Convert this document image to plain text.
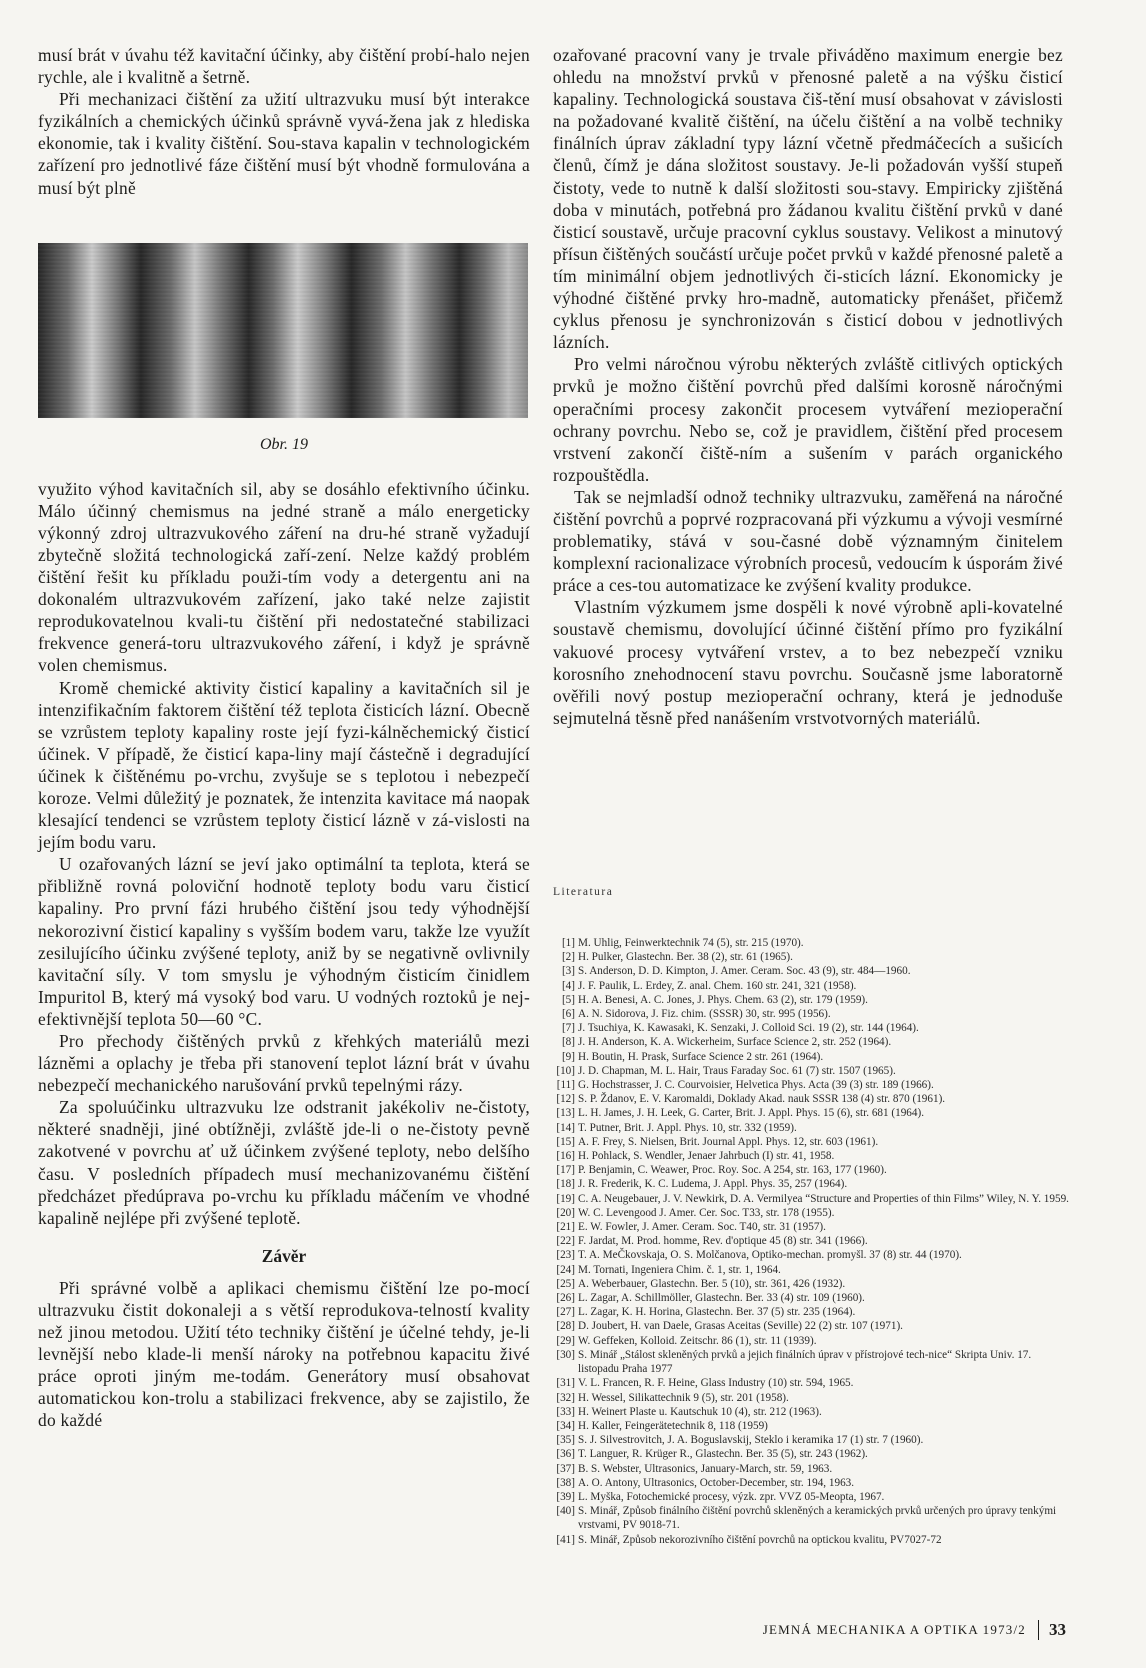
musí brát v úvahu též kavitační účinky, aby čištění probí-halo nejen rychle, ale i kvalitně a šetrně.

Při mechanizaci čištění za užití ultrazvuku musí být interakce fyzikálních a chemických účinků správně vyvá-žena jak z hlediska ekonomie, tak i kvality čištění. Sou-stava kapalin v technologickém zařízení pro jednotlivé fáze čištění musí být vhodně formulována a musí být plně

Obr. 19

využito výhod kavitačních sil, aby se dosáhlo efektivního účinku. Málo účinný chemismus na jedné straně a málo energeticky výkonný zdroj ultrazvukového záření na dru-hé straně vyžadují zbytečně složitá technologická zaří-zení. Nelze každý problém čištění řešit ku příkladu použi-tím vody a detergentu ani na dokonalém ultrazvukovém zařízení, jako také nelze zajistit reprodukovatelnou kvali-tu čištění při nedostatečné stabilizaci frekvence generá-toru ultrazvukového záření, i když je správně volen chemismus.

Kromě chemické aktivity čisticí kapaliny a kavitačních sil je intenzifikačním faktorem čištění též teplota čisticích lázní. Obecně se vzrůstem teploty kapaliny roste její fyzi-kálněchemický čisticí účinek. V případě, že čisticí kapa-liny mají částečně i degradující účinek k čištěnému po-vrchu, zvyšuje se s teplotou i nebezpečí koroze. Velmi důležitý je poznatek, že intenzita kavitace má naopak klesající tendenci se vzrůstem teploty čisticí lázně v zá-vislosti na jejím bodu varu.

U ozařovaných lázní se jeví jako optimální ta teplota, která se přibližně rovná poloviční hodnotě teploty bodu varu čisticí kapaliny. Pro první fázi hrubého čištění jsou tedy výhodnější nekorozivní čisticí kapaliny s vyšším bodem varu, takže lze využít zesilujícího účinku zvýšené teploty, aniž by se negativně ovlivnily kavitační síly. V tom smyslu je výhodným čisticím činidlem Impuritol B, který má vysoký bod varu. U vodných roztoků je nej-efektivnější teplota 50—60 °C.

Pro přechody čištěných prvků z křehkých materiálů mezi lázněmi a oplachy je třeba při stanovení teplot lázní brát v úvahu nebezpečí mechanického narušování prvků tepelnými rázy.

Za spoluúčinku ultrazvuku lze odstranit jakékoliv ne-čistoty, některé snadněji, jiné obtížněji, zvláště jde-li o ne-čistoty pevně zakotvené v povrchu ať už účinkem zvýšené teploty, nebo delšího času. V posledních případech musí mechanizovanému čištění předcházet předúprava po-vrchu ku příkladu máčením ve vhodné kapalině nejlépe při zvýšené teplotě.

Závěr

Při správné volbě a aplikaci chemismu čištění lze po-mocí ultrazvuku čistit dokonaleji a s větší reprodukova-telností kvality než jinou metodou. Užití této techniky čištění je účelné tehdy, je-li levnější nebo klade-li menší nároky na potřebnou kapacitu živé práce oproti jiným me-todám. Generátory musí obsahovat automatickou kon-trolu a stabilizaci frekvence, aby se zajistilo, že do každé

ozařované pracovní vany je trvale přiváděno maximum energie bez ohledu na množství prvků v přenosné paletě a na výšku čisticí kapaliny. Technologická soustava čiš-tění musí obsahovat v závislosti na požadované kvalitě čištění, na účelu čištění a na volbě techniky finálních úprav základní typy lázní včetně předmáčecích a sušicích členů, čímž je dána složitost soustavy. Je-li požadován vyšší stupeň čistoty, vede to nutně k další složitosti sou-stavy. Empiricky zjištěná doba v minutách, potřebná pro žádanou kvalitu čištění prvků v dané čisticí soustavě, určuje pracovní cyklus soustavy. Velikost a minutový přísun čištěných součástí určuje počet prvků v každé přenosné paletě a tím minimální objem jednotlivých či-sticích lázní. Ekonomicky je výhodné čištěné prvky hro-madně, automaticky přenášet, přičemž cyklus přenosu je synchronizován s čisticí dobou v jednotlivých lázních.

Pro velmi náročnou výrobu některých zvláště citlivých optických prvků je možno čištění povrchů před dalšími korosně náročnými operačními procesy zakončit procesem vytváření mezioperační ochrany povrchu. Nebo se, což je pravidlem, čištění před procesem vrstvení zakončí čiště-ním a sušením v parách organického rozpouštědla.

Tak se nejmladší odnož techniky ultrazvuku, zaměřená na náročné čištění povrchů a poprvé rozpracovaná při výzkumu a vývoji vesmírné problematiky, stává v sou-časné době významným činitelem komplexní racionalizace výrobních procesů, vedoucím k úsporám živé práce a ces-tou automatizace ke zvýšení kvality produkce.

Vlastním výzkumem jsme dospěli k nové výrobně apli-kovatelné soustavě chemismu, dovolující účinné čištění přímo pro fyzikální vakuové procesy vytváření vrstev, a to bez nebezpečí vzniku korosního znehodnocení stavu povrchu. Současně jsme laboratorně ověřili nový postup mezioperační ochrany, která je jednoduše sejmutelná těsně před nanášením vrstvotvorných materiálů.

Literatura
[1] M. Uhlig, Feinwerktechnik 74 (5), str. 215 (1970).
[2] H. Pulker, Glastechn. Ber. 38 (2), str. 61 (1965).
[3] S. Anderson, D. D. Kimpton, J. Amer. Ceram. Soc. 43 (9), str. 484—1960.
[4] J. F. Paulik, L. Erdey, Z. anal. Chem. 160 str. 241, 321 (1958).
[5] H. A. Benesi, A. C. Jones, J. Phys. Chem. 63 (2), str. 179 (1959).
[6] A. N. Sidorova, J. Fiz. chim. (SSSR) 30, str. 995 (1956).
[7] J. Tsuchiya, K. Kawasaki, K. Senzaki, J. Colloid Sci. 19 (2), str. 144 (1964).
[8] J. H. Anderson, K. A. Wickerheim, Surface Science 2, str. 252 (1964).
[9] H. Boutin, H. Prask, Surface Science 2 str. 261 (1964).
[10] J. D. Chapman, M. L. Hair, Traus Faraday Soc. 61 (7) str. 1507 (1965).
[11] G. Hochstrasser, J. C. Courvoisier, Helvetica Phys. Acta (39 (3) str. 189 (1966).
[12] S. P. Ždanov, E. V. Karomaldi, Doklady Akad. nauk SSSR 138 (4) str. 870 (1961).
[13] L. H. James, J. H. Leek, G. Carter, Brit. J. Appl. Phys. 15 (6), str. 681 (1964).
[14] T. Putner, Brit. J. Appl. Phys. 10, str. 332 (1959).
[15] A. F. Frey, S. Nielsen, Brit. Journal Appl. Phys. 12, str. 603 (1961).
[16] H. Pohlack, S. Wendler, Jenaer Jahrbuch (I) str. 41, 1958.
[17] P. Benjamin, C. Weawer, Proc. Roy. Soc. A 254, str. 163, 177 (1960).
[18] J. R. Frederik, K. C. Ludema, J. Appl. Phys. 35, 257 (1964).
[19] C. A. Neugebauer, J. V. Newkirk, D. A. Vermilyea “Structure and Properties of thin Films” Wiley, N. Y. 1959.
[20] W. C. Levengood J. Amer. Cer. Soc. T33, str. 178 (1955).
[21] E. W. Fowler, J. Amer. Ceram. Soc. T40, str. 31 (1957).
[22] F. Jardat, M. Prod. homme, Rev. d'optique 45 (8) str. 341 (1966).
[23] T. A. MeČkovskaja, O. S. Molčanova, Optiko-mechan. promyšl. 37 (8) str. 44 (1970).
[24] M. Tornati, Ingeniera Chim. č. 1, str. 1, 1964.
[25] A. Weberbauer, Glastechn. Ber. 5 (10), str. 361, 426 (1932).
[26] L. Zagar, A. Schillmöller, Glastechn. Ber. 33 (4) str. 109 (1960).
[27] L. Zagar, K. H. Horina, Glastechn. Ber. 37 (5) str. 235 (1964).
[28] D. Joubert, H. van Daele, Grasas Aceitas (Seville) 22 (2) str. 107 (1971).
[29] W. Geffeken, Kolloid. Zeitschr. 86 (1), str. 11 (1939).
[30] S. Minář „Stálost skleněných prvků a jejich finálních úprav v přístrojové tech-nice“ Skripta Univ. 17. listopadu Praha 1977
[31] V. L. Francen, R. F. Heine, Glass Industry (10) str. 594, 1965.
[32] H. Wessel, Silikattechnik 9 (5), str. 201 (1958).
[33] H. Weinert Plaste u. Kautschuk 10 (4), str. 212 (1963).
[34] H. Kaller, Feingerätetechnik 8, 118 (1959)
[35] S. J. Silvestrovitch, J. A. Boguslavskij, Steklo i keramika 17 (1) str. 7 (1960).
[36] T. Languer, R. Krüger R., Glastechn. Ber. 35 (5), str. 243 (1962).
[37] B. S. Webster, Ultrasonics, January-March, str. 59, 1963.
[38] A. O. Antony, Ultrasonics, October-December, str. 194, 1963.
[39] L. Myška, Fotochemické procesy, výzk. zpr. VVZ 05-Meopta, 1967.
[40] S. Minář, Způsob finálního čištění povrchů skleněných a keramických prvků určených pro úpravy tenkými vrstvami, PV 9018-71.
[41] S. Minář, Způsob nekorozivního čištění povrchů na optickou kvalitu, PV7027-72
JEMNÁ MECHANIKA A OPTIKA 1973/2 33
